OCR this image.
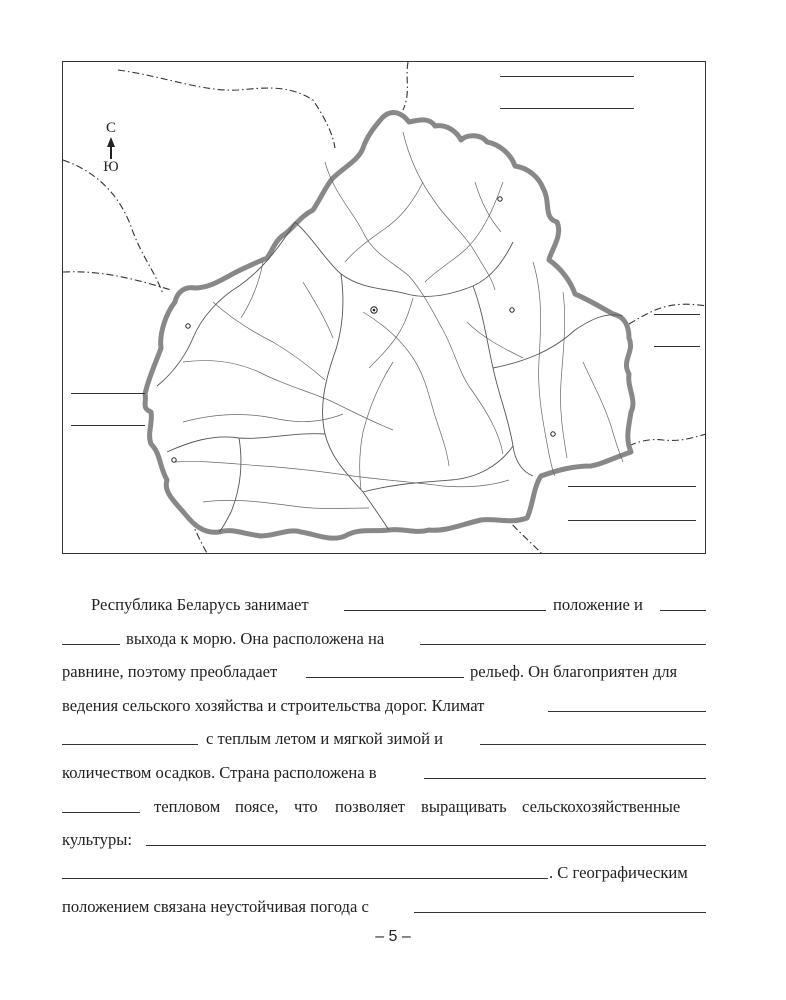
С
Ю
Республика Беларусь занимает	положение и
выхода к морю. Она расположена на
равнине, поэтому преобладает	рельеф. Он благоприятен для
ведения сельского хозяйства и строительства дорог. Климат
с теплым летом и мягкой зимой и
количеством осадков. Страна расположена в
тепловом поясе, что позволяет выращивать сельскохозяйственные
культуры:
. С географическим
положением связана неустойчивая погода с
– 5 –
